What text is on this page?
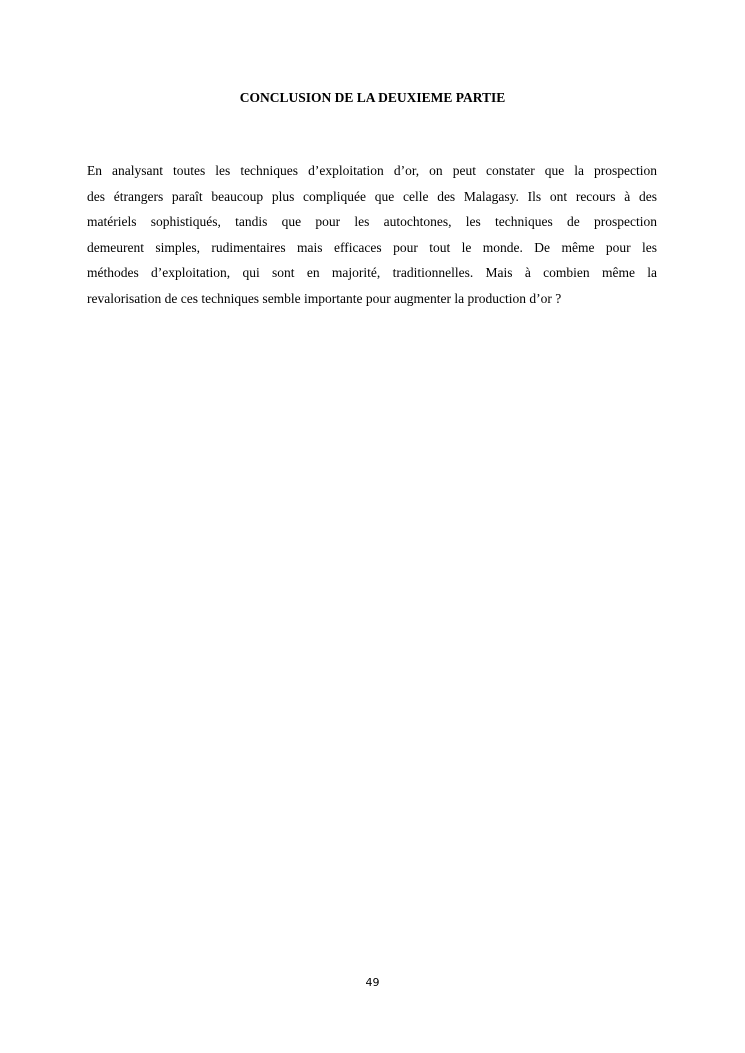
CONCLUSION DE LA DEUXIEME PARTIE

En analysant toutes les techniques d’exploitation d’or, on peut constater que la prospection
des étrangers paraît beaucoup plus compliquée que celle des Malagasy. Ils ont recours à des
matériels sophistiqués, tandis que pour les autochtones, les techniques de prospection
demeurent simples, rudimentaires mais efficaces pour tout le monde. De même pour les
méthodes d’exploitation, qui sont en majorité, traditionnelles. Mais à combien même la
revalorisation de ces techniques semble importante pour augmenter la production d’or ?

49
